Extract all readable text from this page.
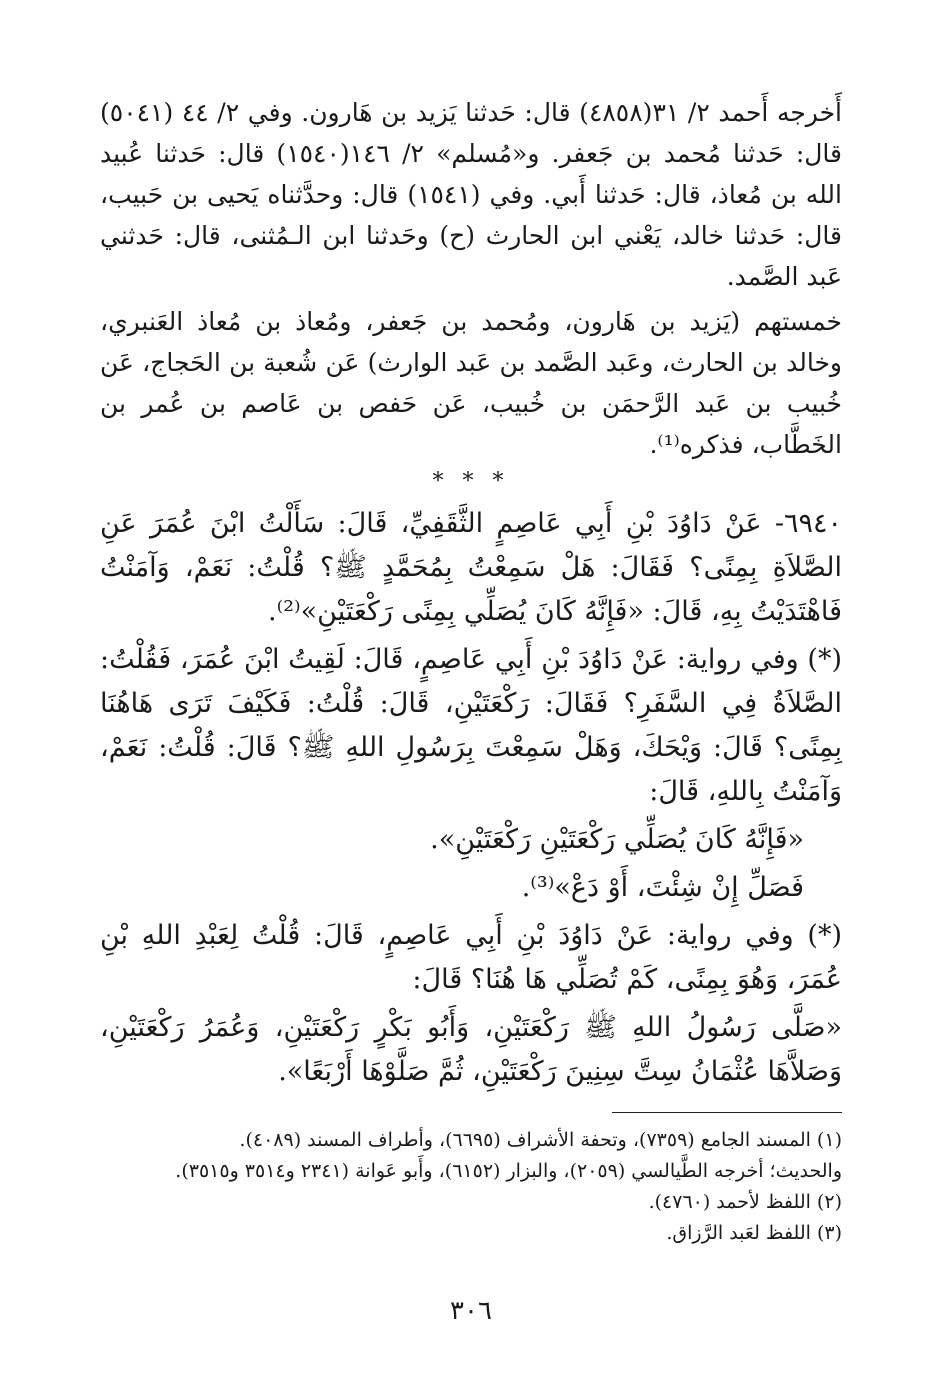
أَخرجه أَحمد ٢/ ٣١(٤٨٥٨) قال: حَدثنا يَزيد بن هَارون. وفي ٢/ ٤٤ (٥٠٤١) قال: حَدثنا مُحمد بن جَعفر. و«مُسلم» ٢/ ١٤٦(١٥٤٠) قال: حَدثنا عُبيد الله بن مُعاذ، قال: حَدثنا أَبي. وفي (١٥٤١) قال: وحدَّثناه يَحيى بن حَبيب، قال: حَدثنا خالد، يَعْني ابن الحارث (ح) وحَدثنا ابن الـمُثنى، قال: حَدثني عَبد الصَّمد.

خمستهم (يَزيد بن هَارون، ومُحمد بن جَعفر، ومُعاذ بن مُعاذ العَنبري، وخالد بن الحارث، وعَبد الصَّمد بن عَبد الوارث) عَن شُعبة بن الحَجاج، عَن خُبيب بن عَبد الرَّحمَن بن خُبيب، عَن حَفص بن عَاصم بن عُمر بن الخَطَّاب، فذكره⁽¹⁾.

* * *

٦٩٤٠- عَنْ دَاوُدَ بْنِ أَبِي عَاصِمٍ الثَّقَفِيِّ، قَالَ: سَأَلْتُ ابْنَ عُمَرَ عَنِ الصَّلاَةِ بِمِنًى؟ فَقَالَ: هَلْ سَمِعْتُ بِمُحَمَّدٍ ﷺ؟ قُلْتُ: نَعَمْ، وَآمَنْتُ فَاهْتَدَيْتُ بِهِ، قَالَ: «فَإِنَّهُ كَانَ يُصَلِّي بِمِنًى رَكْعَتَيْنِ»⁽²⁾.

(*) وفي رواية: عَنْ دَاوُدَ بْنِ أَبِي عَاصِمٍ، قَالَ: لَقِيتُ ابْنَ عُمَرَ، فَقُلْتُ: الصَّلاَةُ فِي السَّفَرِ؟ فَقَالَ: رَكْعَتَيْنِ، قَالَ: قُلْتُ: فَكَيْفَ تَرَى هَاهُنَا بِمِنًى؟ قَالَ: وَيْحَكَ، وَهَلْ سَمِعْتَ بِرَسُولِ اللهِ ﷺ؟ قَالَ: قُلْتُ: نَعَمْ، وَآمَنْتُ بِاللهِ، قَالَ:

«فَإِنَّهُ كَانَ يُصَلِّي رَكْعَتَيْنِ رَكْعَتَيْنِ».

فَصَلِّ إِنْ شِئْتَ، أَوْ دَعْ»⁽³⁾.

(*) وفي رواية: عَنْ دَاوُدَ بْنِ أَبِي عَاصِمٍ، قَالَ: قُلْتُ لِعَبْدِ اللهِ بْنِ عُمَرَ، وَهُوَ بِمِنًى، كَمْ تُصَلِّي هَا هُنَا؟ قَالَ:

«صَلَّى رَسُولُ اللهِ ﷺ رَكْعَتَيْنِ، وَأَبُو بَكْرٍ رَكْعَتَيْنِ، وَعُمَرُ رَكْعَتَيْنِ، وَصَلاَّهَا عُثْمَانُ سِتَّ سِنِينَ رَكْعَتَيْنِ، ثُمَّ صَلَّوْهَا أَرْبَعًا».

(١) المسند الجامع (٧٣٥٩)، وتحفة الأشراف (٦٦٩٥)، وأطراف المسند (٤٠٨٩).

والحديث؛ أخرجه الطَّيالسي (٢٠٥٩)، والبزار (٦١٥٢)، وأَبو عَوانة (٢٣٤١ و٣٥١٤ و٣٥١٥).

(٢) اللفظ لأحمد (٤٧٦٠).

(٣) اللفظ لعَبد الرَّزاق.

٣٠٦
